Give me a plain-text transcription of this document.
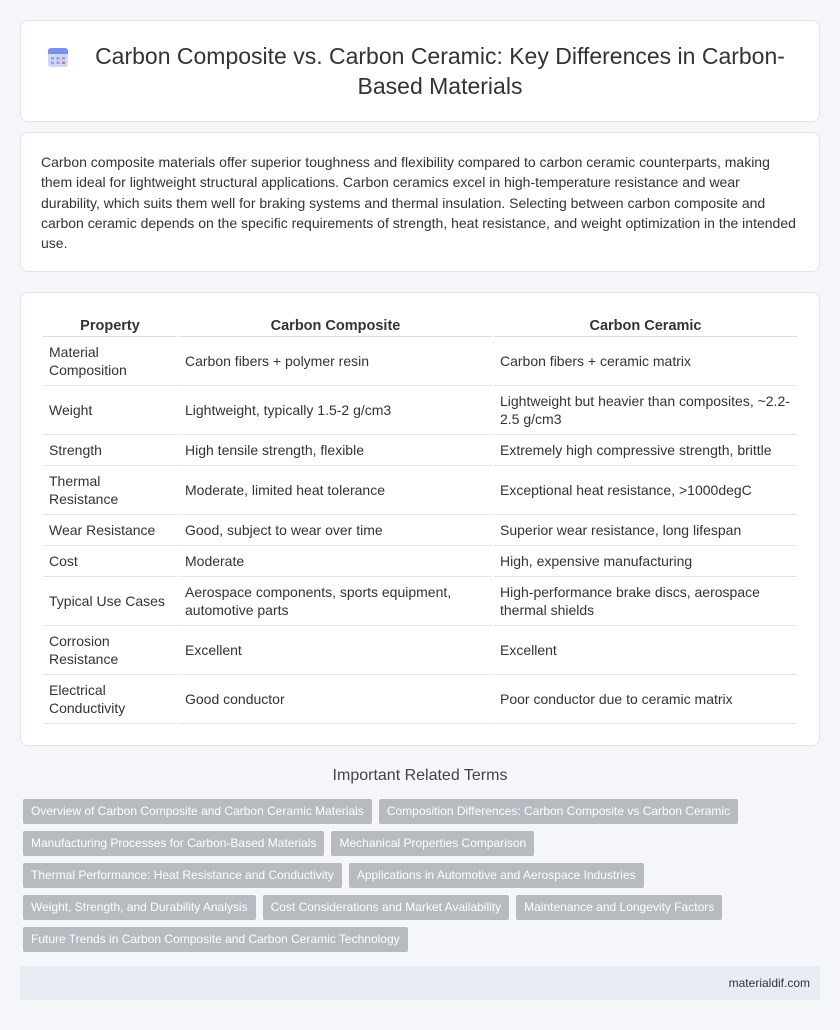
Carbon Composite vs. Carbon Ceramic: Key Differences in Carbon-Based Materials

Carbon composite materials offer superior toughness and flexibility compared to carbon ceramic counterparts, making them ideal for lightweight structural applications. Carbon ceramics excel in high-temperature resistance and wear durability, which suits them well for braking systems and thermal insulation. Selecting between carbon composite and carbon ceramic depends on the specific requirements of strength, heat resistance, and weight optimization in the intended use.

Property	Carbon Composite	Carbon Ceramic
Material Composition	Carbon fibers + polymer resin	Carbon fibers + ceramic matrix
Weight	Lightweight, typically 1.5-2 g/cm3	Lightweight but heavier than composites, ~2.2-2.5 g/cm3
Strength	High tensile strength, flexible	Extremely high compressive strength, brittle
Thermal Resistance	Moderate, limited heat tolerance	Exceptional heat resistance, >1000degC
Wear Resistance	Good, subject to wear over time	Superior wear resistance, long lifespan
Cost	Moderate	High, expensive manufacturing
Typical Use Cases	Aerospace components, sports equipment, automotive parts	High-performance brake discs, aerospace thermal shields
Corrosion Resistance	Excellent	Excellent
Electrical Conductivity	Good conductor	Poor conductor due to ceramic matrix
Important Related Terms
Overview of Carbon Composite and Carbon Ceramic Materials	Composition Differences: Carbon Composite vs Carbon Ceramic
Manufacturing Processes for Carbon-Based Materials	Mechanical Properties Comparison
Thermal Performance: Heat Resistance and Conductivity	Applications in Automotive and Aerospace Industries
Weight, Strength, and Durability Analysis	Cost Considerations and Market Availability	Maintenance and Longevity Factors
Future Trends in Carbon Composite and Carbon Ceramic Technology
materialdif.com
